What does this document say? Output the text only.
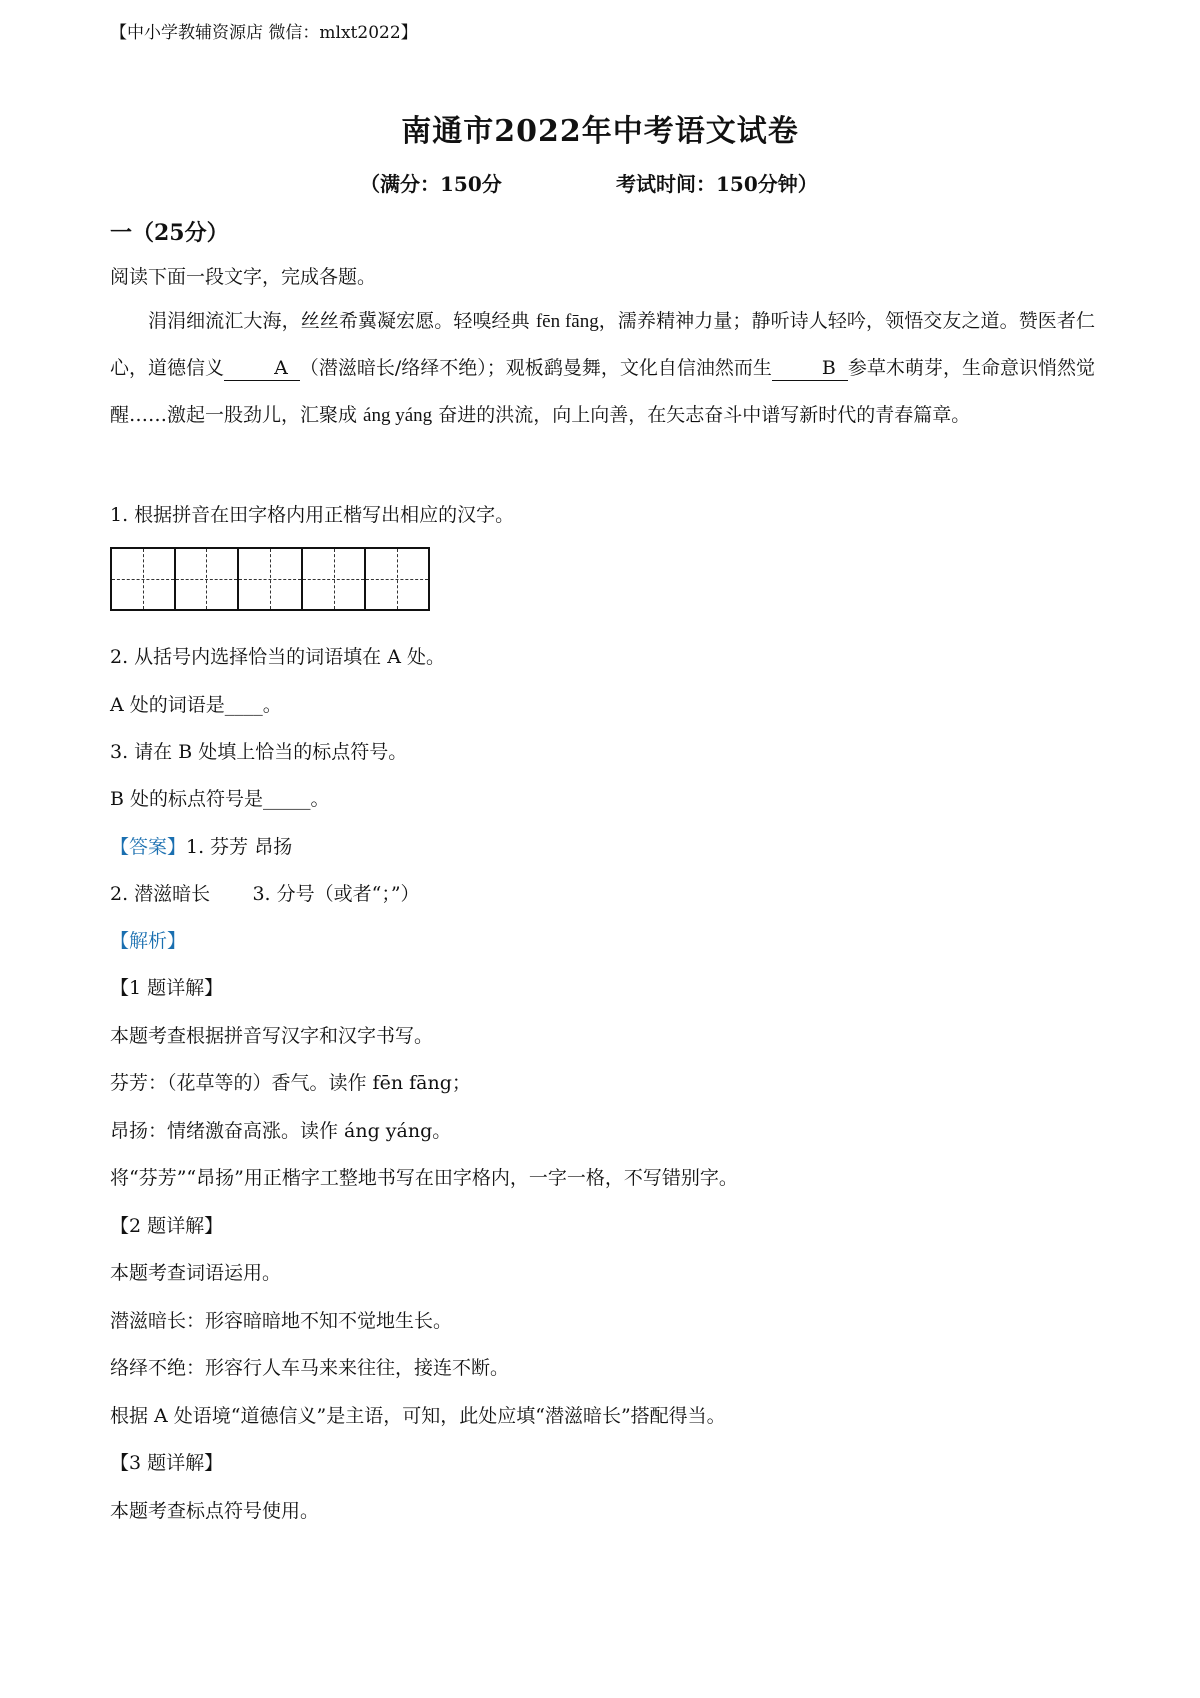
【中小学教辅资源店 微信：mlxt2022】
南通市2022年中考语文试卷
（满分：150分	考试时间：150分钟）
一（25分）
阅读下面一段文字，完成各题。
涓涓细流汇大海，丝丝希冀凝宏愿。轻嗅经典 fēn fāng，濡养精神力量；静听诗人轻吟，领悟交友之道。赞医者仁心，道德信义	A （潜滋暗长/络绎不绝）；观板鹞曼舞，文化自信油然而生	B 参草木萌芽，生命意识悄然觉醒……激起一股劲儿，汇聚成 áng yáng 奋进的洪流，向上向善，在矢志奋斗中谱写新时代的青春篇章。
1. 根据拼音在田字格内用正楷写出相应的汉字。
2. 从括号内选择恰当的词语填在 A 处。
A 处的词语是____。
3. 请在 B 处填上恰当的标点符号。
B 处的标点符号是_____。
【答案】1. 芬芳 昂扬
2. 潜滋暗长       3. 分号（或者“；”）
【解析】
【1 题详解】
本题考查根据拼音写汉字和汉字书写。
芬芳：（花草等的）香气。读作 fēn fāng；
昂扬：情绪激奋高涨。读作 áng yáng。
将“芬芳”“昂扬”用正楷字工整地书写在田字格内，一字一格，不写错别字。
【2 题详解】
本题考查词语运用。
潜滋暗长：形容暗暗地不知不觉地生长。
络绎不绝：形容行人车马来来往往，接连不断。
根据 A 处语境“道德信义”是主语，可知，此处应填“潜滋暗长”搭配得当。
【3 题详解】
本题考查标点符号使用。
